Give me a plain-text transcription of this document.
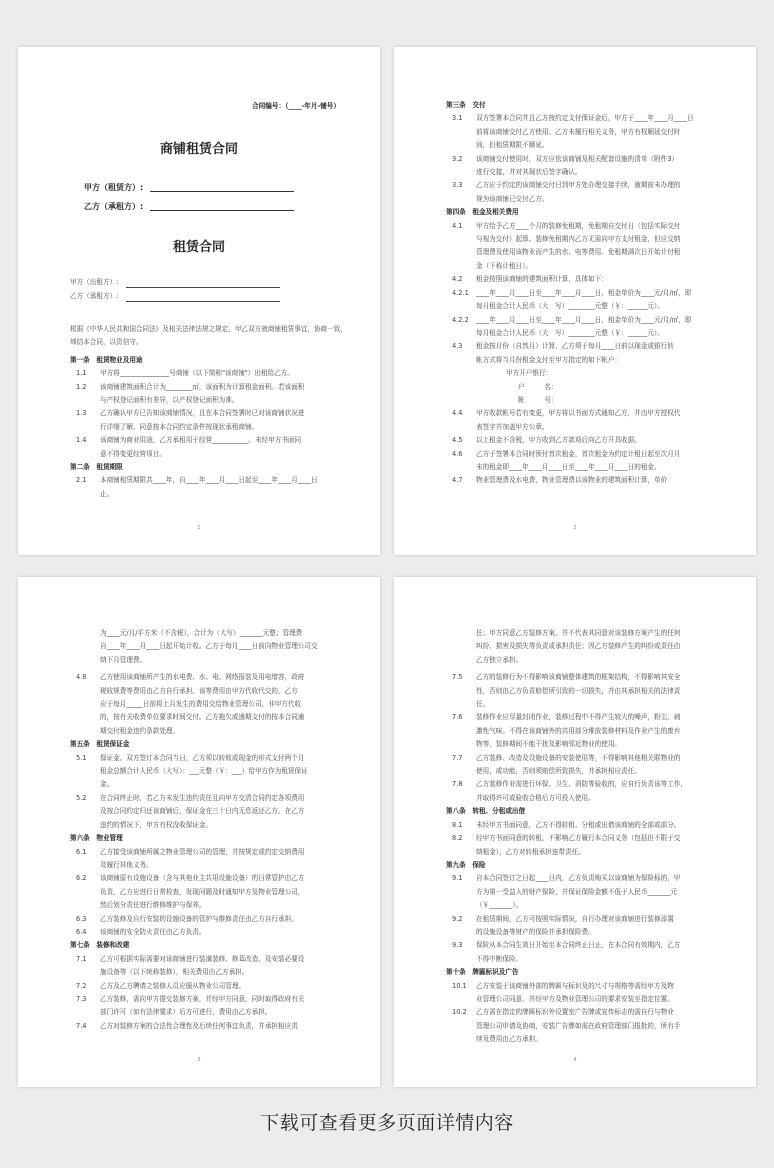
合同编号：（____-年月-铺号）
商铺租赁合同
甲方（租赁方）:
乙方（承租方）:
租赁合同
甲方（出租方）:
乙方（承租方）:
根据《中华人民共和国合同法》及相关法律法规之规定，甲乙双方就商铺租赁事宜，协商一致，缔结本合同，以资信守。
第一条　租赁物业及用途
1.1	甲方将_______________号商铺（以下简称"该商铺"）出租给乙方。
1.2	该商铺建筑面积合计为________㎡，该面积为计算租金面积。若该面积
与产权登记面积有差异，以产权登记面积为准。
1.3	乙方确认甲方已告知该商铺情况，且在本合同签署时已对该商铺状况进
行详细了解，同意按本合同约定条件按现状承租商铺。
1.4	该商铺为商业用途，乙方承租用于经营___________。未经甲方书面同
意不得变更经营项目。
第二条　租赁期限
2.1	本商铺租赁期限共____年，自____年____月____日起至____年____月____日
止。
1
第三条　交付
3.1	双方签署本合同并且乙方按约定支付保证金后，甲方于____年____月____日
前将该商铺交付乙方使用。乙方未履行相关义务，甲方有权顺延交付时
间，但租赁期限不顺延。
3.2	该商铺交付使用时，双方应依该商铺及相关配套设施的清单（附件3）
进行交接，并对其现状后签字确认。
3.3	乙方应于约定的该商铺交付日到甲方处办理交接手续，逾期前未办理的
视为该商铺已交付乙方。
第四条　租金及相关费用
4.1	甲方给予乙方____个月的装修免租期，免租期自交付日（包括实际交付
与视为交付）起算。装修免租期内乙方无需向甲方支付租金，但应交纳
管理费及使用该物业而产生的水、电等费用。免租期满次日开始计付租
金（下称计租日）。
4.2	租金按照该商铺的建筑面积计算，具体如下：
4.2.1	____年____月____日至____年____月____日，租金单价为____元/月/㎡，即
每月租金合计人民币（大　写）________元整（￥：______元）。
4.2.2	____年____月____日至____年____月____日，租金单价为____元/月/㎡，即
每月租金合计人民币（大　写）________元整（￥：______元）。
4.3	租金按月份（自然月）计算，乙方须于每月____日前以现金或银行转
帐方式将当月份租金支付至甲方指定的如下帐户：
甲方开户银行：
户　　　名：
帐　　　号：
4.4	甲方收款帐号若有变更，甲方将以书面方式通知乙方，并由甲方授权代
表签字并加盖甲方公章。
4.5	以上租金不含税，甲方收到乙方款项后向乙方开具收据。
4.6	乙方于签署本合同时预付首次租金，首次租金为约定计租日起至次月月
末的租金即____年____月____日至____年____月____日的租金。
4.7	物业管理费及水电费，物业管理费以该物业的建筑面积计算，单价
2
为____元/月/平方米（不含税），合计为（大写）_______元整；管理费
自____年____月____日起开始计收。乙方于每月____日前向物业管理公司交
纳下月管理费。
4.8	乙方使用该商铺所产生的水电费、水、电、网络报装及用电增容，政府
税收规费等费用由乙方自行承担。该等费用由甲方代收代交的，乙方
应于每月_____日前将上月发生的费用交给物业管理公司，非甲方代收
的，按有关收费单位要求时间交付。乙方拖欠或逾期支付的按本合同逾
期交付租金违约条款处理。
第五条　租赁保证金
5.1	保证金。双方签订本合同当日，乙方须以转账或现金的形式支付两个月
租金总额合计人民币（大写）：___元整（￥：___）给甲方作为租赁保证
金。
5.2	在合同终止时，若乙方未发生违约责任且向甲方交清合同约定各项费用
及按合同约定归还该商铺后，保证金在三十日内无息返还乙方。在乙方
违约的情况下，甲方有权没收保证金。
第六条　物业管理
6.1	乙方接受该商铺所属之物业管理公司的管理，并按规定或约定交纳费用
及履行其他义务。
6.2	该商铺原有设施设备（含与其他业主共用设施设备）的日常管护由乙方
负责，乙方应进行日常检查，发现问题及时通知甲方及物业管理公司，
然后划分责任进行维修维护与保养。
6.3	乙方装修及自行安装的设施设备的管护与维修责任由乙方自行承担。
6.4	该商铺的安全防火责任由乙方负责。
第七条　装修和改建
7.1	乙方可根据实际需要对该商铺进行装潢装修、修葺改造、及安装必要设
施设备等（以下统称装修），相关费用由乙方承担。
7.2	乙方及乙方聘请之装修人员应服从物业公司管理。
7.3	乙方装修，需向甲方提交装修方案，并经甲方同意，同时取得政府有关
部门许可（如有法律要求）后方可进行，费用由乙方承担。
7.4	乙方对装修方案的合法性合理性及后续任何事宜负责，并承担相应责
3
任；甲方同意乙方装修方案，并不代表其同意对该装修方案产生的任何
纠纷、损害及损失等负责或承担责任；因乙方装修产生的纠纷或责任由
乙方独立承担。
7.5	乙方的装修行为不得影响该商铺整体建筑的框架结构，不得影响其安全
性，否则由乙方负责赔偿所引致的一切损失，并由其承担相关的法律责
任。
7.6	装修作业应尽量封闭作业，装修过程中不得产生较大的噪声，粉尘、刺
激性气味。不得在该商铺外的共用部分堆放装修材料及作业产生的废弃
物等，装修期间不能干扰及影响邻近物业的使用。
7.7	乙方装修、改造及设施设备的安装使用等，不得影响其他相关联物业的
使用，或功能，否则须赔偿所致损失，并承担相应责任。
7.8	乙方装修作业需进行环保、卫生、消防等验收的，应自行负责该等工作，
并取得许可或验收合格后方可投入使用。
第八条　转租、分租或出借
8.1	未经甲方书面同意，乙方不得转租、分租或出借该商铺的全部或部分。
8.2	经甲方书面同意的转租，不影响乙方履行本合同义务（包括但不限于交
纳租金），乙方对转租承担连带责任。
第九条　保险
9.1	自本合同签订之日起____日内，乙方负责购买以该商铺为保险标的，甲
方为第一受益人的财产保险，并保证保险金额不低于人民币_______元
（￥_______）。
9.2	在租赁期间，乙方可按照实际情况，自行办理对该商铺进行装修添置
的设施设备等财产的保险并承担保险费。
9.3	保险从本合同生效日开始至本合同终止日止，在本合同有效期内，乙方
不得中断保险。
第十条　牌匾标识及广告
10.1	乙方安装于该商铺外部的牌匾与标识及的尺寸与规格等需经甲方及物
业管理公司同意，并经甲方及物业管理公司的要求安装至指定位置。
10.2	乙方需在指定的牌匾标识外设置室广告牌或宣传标志的需自行与物业
管理公司申请及协商，安装广告牌如需在政府管理部门报批的，所有手
续及费用由乙方承担。
4
下载可查看更多页面详情内容
